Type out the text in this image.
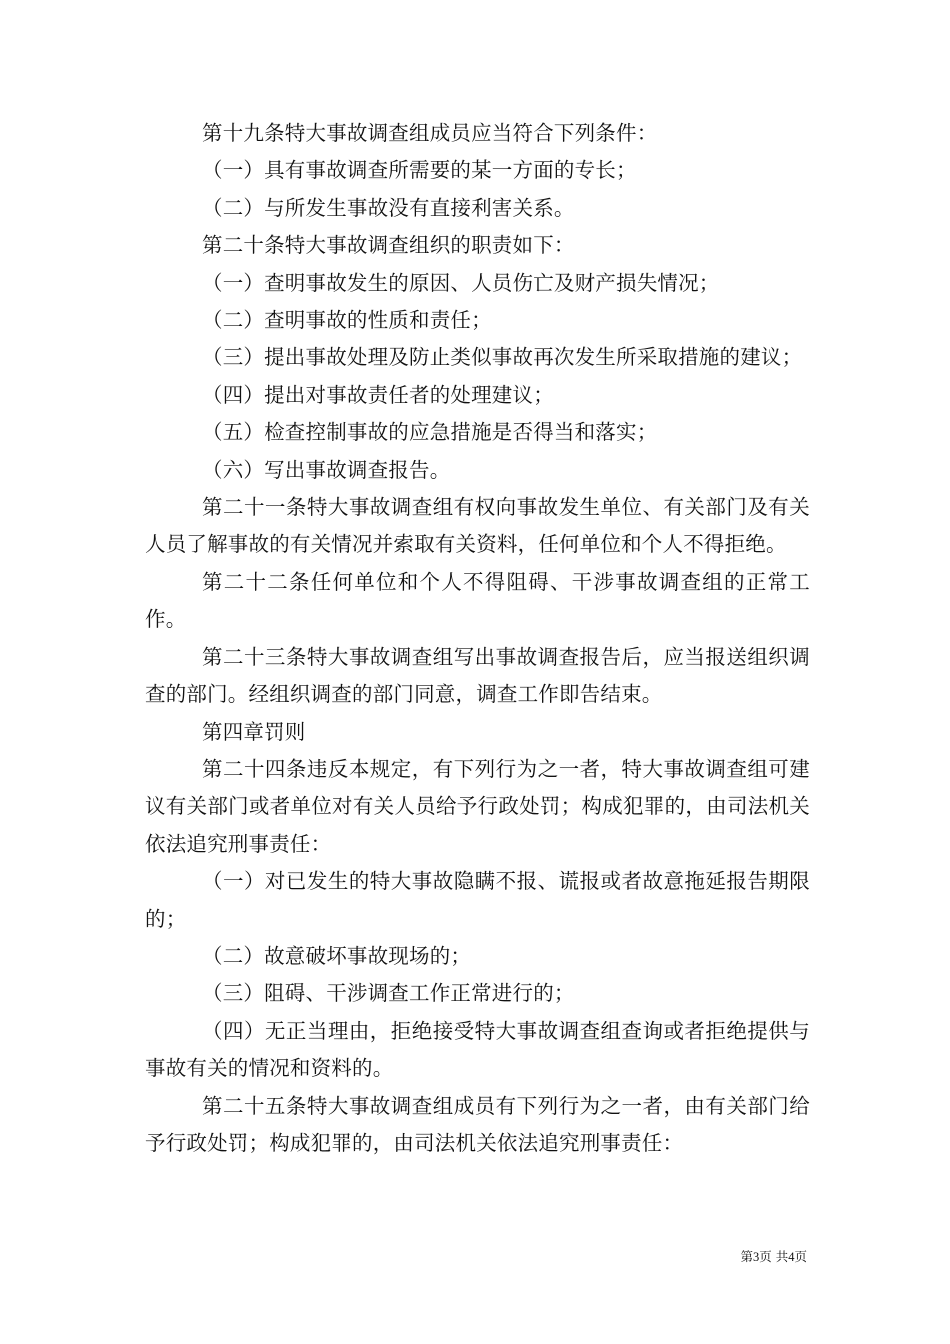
第十九条特大事故调查组成员应当符合下列条件：

（一）具有事故调查所需要的某一方面的专长；

（二）与所发生事故没有直接利害关系。

第二十条特大事故调查组织的职责如下：

（一）查明事故发生的原因、人员伤亡及财产损失情况；

（二）查明事故的性质和责任；

（三）提出事故处理及防止类似事故再次发生所采取措施的建议；

（四）提出对事故责任者的处理建议；

（五）检查控制事故的应急措施是否得当和落实；

（六）写出事故调查报告。

第二十一条特大事故调查组有权向事故发生单位、有关部门及有关人员了解事故的有关情况并索取有关资料，任何单位和个人不得拒绝。

第二十二条任何单位和个人不得阻碍、干涉事故调查组的正常工作。

第二十三条特大事故调查组写出事故调查报告后，应当报送组织调查的部门。经组织调查的部门同意，调查工作即告结束。

第四章罚则

第二十四条违反本规定，有下列行为之一者，特大事故调查组可建议有关部门或者单位对有关人员给予行政处罚；构成犯罪的，由司法机关依法追究刑事责任：

（一）对已发生的特大事故隐瞒不报、谎报或者故意拖延报告期限的；

（二）故意破坏事故现场的；

（三）阻碍、干涉调查工作正常进行的；

（四）无正当理由，拒绝接受特大事故调查组查询或者拒绝提供与事故有关的情况和资料的。

第二十五条特大事故调查组成员有下列行为之一者，由有关部门给予行政处罚；构成犯罪的，由司法机关依法追究刑事责任：

第3页 共4页
